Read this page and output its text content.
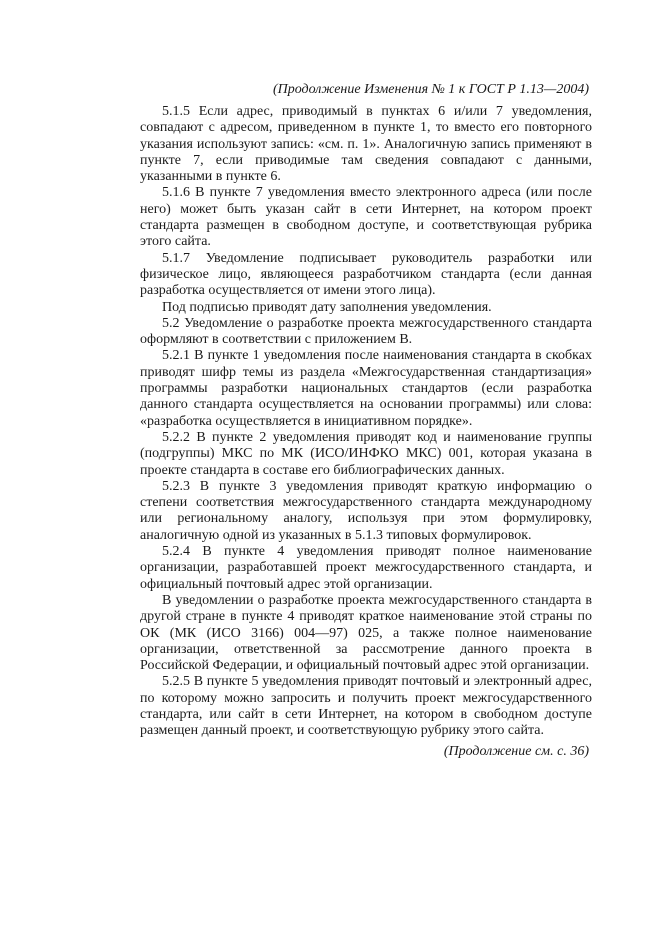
(Продолжение Изменения № 1 к ГОСТ Р 1.13—2004)

5.1.5 Если адрес, приводимый в пунктах 6 и/или 7 уведомления, совпадают с адресом, приведенном в пункте 1, то вместо его повторного указания используют запись: «см. п. 1». Аналогичную запись применяют в пункте 7, если приводимые там сведения совпадают с данными, указанными в пункте 6.

5.1.6 В пункте 7 уведомления вместо электронного адреса (или после него) может быть указан сайт в сети Интернет, на котором проект стандарта размещен в свободном доступе, и соответствующая рубрика этого сайта.

5.1.7 Уведомление подписывает руководитель разработки или физическое лицо, являющееся разработчиком стандарта (если данная разработка осуществляется от имени этого лица).

Под подписью приводят дату заполнения уведомления.

5.2 Уведомление о разработке проекта межгосударственного стандарта оформляют в соответствии с приложением В.

5.2.1 В пункте 1 уведомления после наименования стандарта в скобках приводят шифр темы из раздела «Межгосударственная стандартизация» программы разработки национальных стандартов (если разработка данного стандарта осуществляется на основании программы) или слова: «разработка осуществляется в инициативном порядке».

5.2.2 В пункте 2 уведомления приводят код и наименование группы (подгруппы) МКС по МК (ИСО/ИНФКО МКС) 001, которая указана в проекте стандарта в составе его библиографических данных.

5.2.3 В пункте 3 уведомления приводят краткую информацию о степени соответствия межгосударственного стандарта международному или региональному аналогу, используя при этом формулировку, аналогичную одной из указанных в 5.1.3 типовых формулировок.

5.2.4 В пункте 4 уведомления приводят полное наименование организации, разработавшей проект межгосударственного стандарта, и официальный почтовый адрес этой организации.

В уведомлении о разработке проекта межгосударственного стандарта в другой стране в пункте 4 приводят краткое наименование этой страны по ОК (МК (ИСО 3166) 004—97) 025, а также полное наименование организации, ответственной за рассмотрение данного проекта в Российской Федерации, и официальный почтовый адрес этой организации.

5.2.5 В пункте 5 уведомления приводят почтовый и электронный адрес, по которому можно запросить и получить проект межгосударственного стандарта, или сайт в сети Интернет, на котором в свободном доступе размещен данный проект, и соответствующую рубрику этого сайта.

(Продолжение см. с. 36)
